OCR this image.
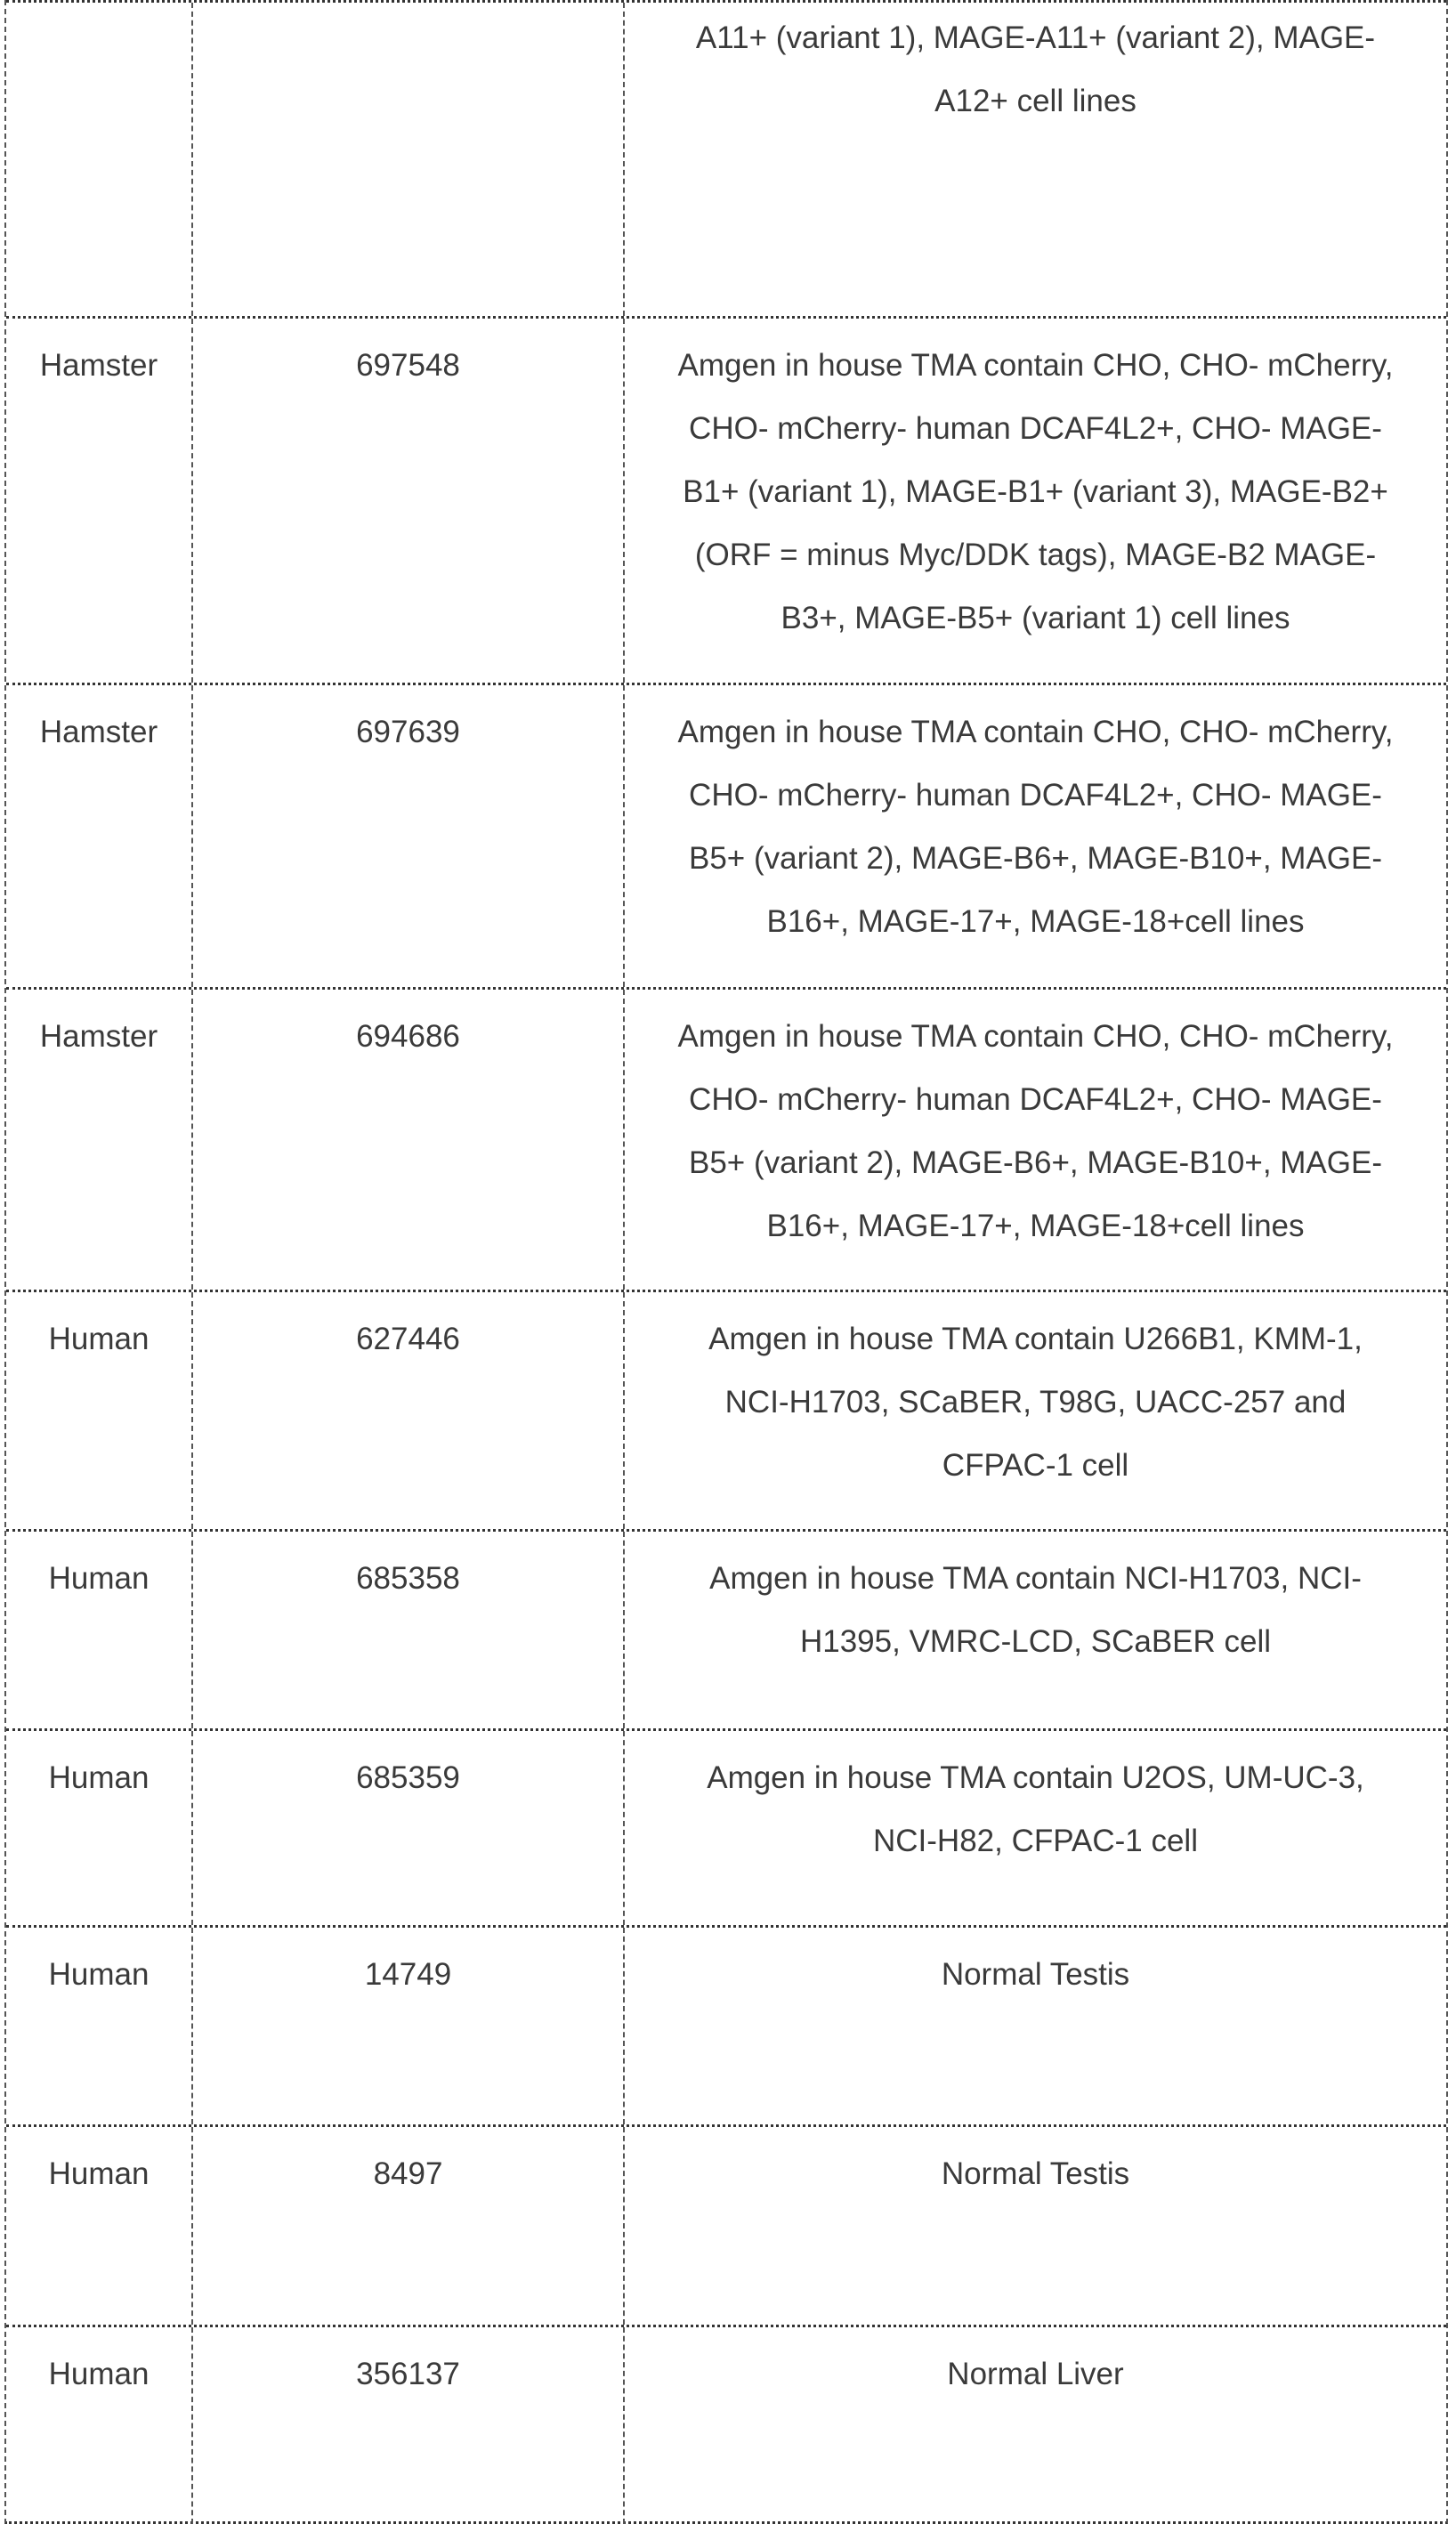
A11+ (variant 1), MAGE-A11+ (variant 2), MAGE-
A12+ cell lines
Hamster	697548	Amgen in house TMA contain CHO, CHO- mCherry,
CHO- mCherry- human DCAF4L2+, CHO- MAGE-
B1+ (variant 1), MAGE-B1+ (variant 3), MAGE-B2+
(ORF = minus Myc/DDK tags), MAGE-B2 MAGE-
B3+, MAGE-B5+ (variant 1) cell lines
Hamster	697639	Amgen in house TMA contain CHO, CHO- mCherry,
CHO- mCherry- human DCAF4L2+, CHO- MAGE-
B5+ (variant 2), MAGE-B6+, MAGE-B10+, MAGE-
B16+, MAGE-17+, MAGE-18+cell lines
Hamster	694686	Amgen in house TMA contain CHO, CHO- mCherry,
CHO- mCherry- human DCAF4L2+, CHO- MAGE-
B5+ (variant 2), MAGE-B6+, MAGE-B10+, MAGE-
B16+, MAGE-17+, MAGE-18+cell lines
Human	627446	Amgen in house TMA contain U266B1, KMM-1,
NCI-H1703, SCaBER, T98G, UACC-257 and
CFPAC-1 cell
Human	685358	Amgen in house TMA contain NCI-H1703, NCI-
H1395, VMRC-LCD, SCaBER cell
Human	685359	Amgen in house TMA contain U2OS, UM-UC-3,
NCI-H82, CFPAC-1 cell
Human	14749	Normal Testis
Human	8497	Normal Testis
Human	356137	Normal Liver
